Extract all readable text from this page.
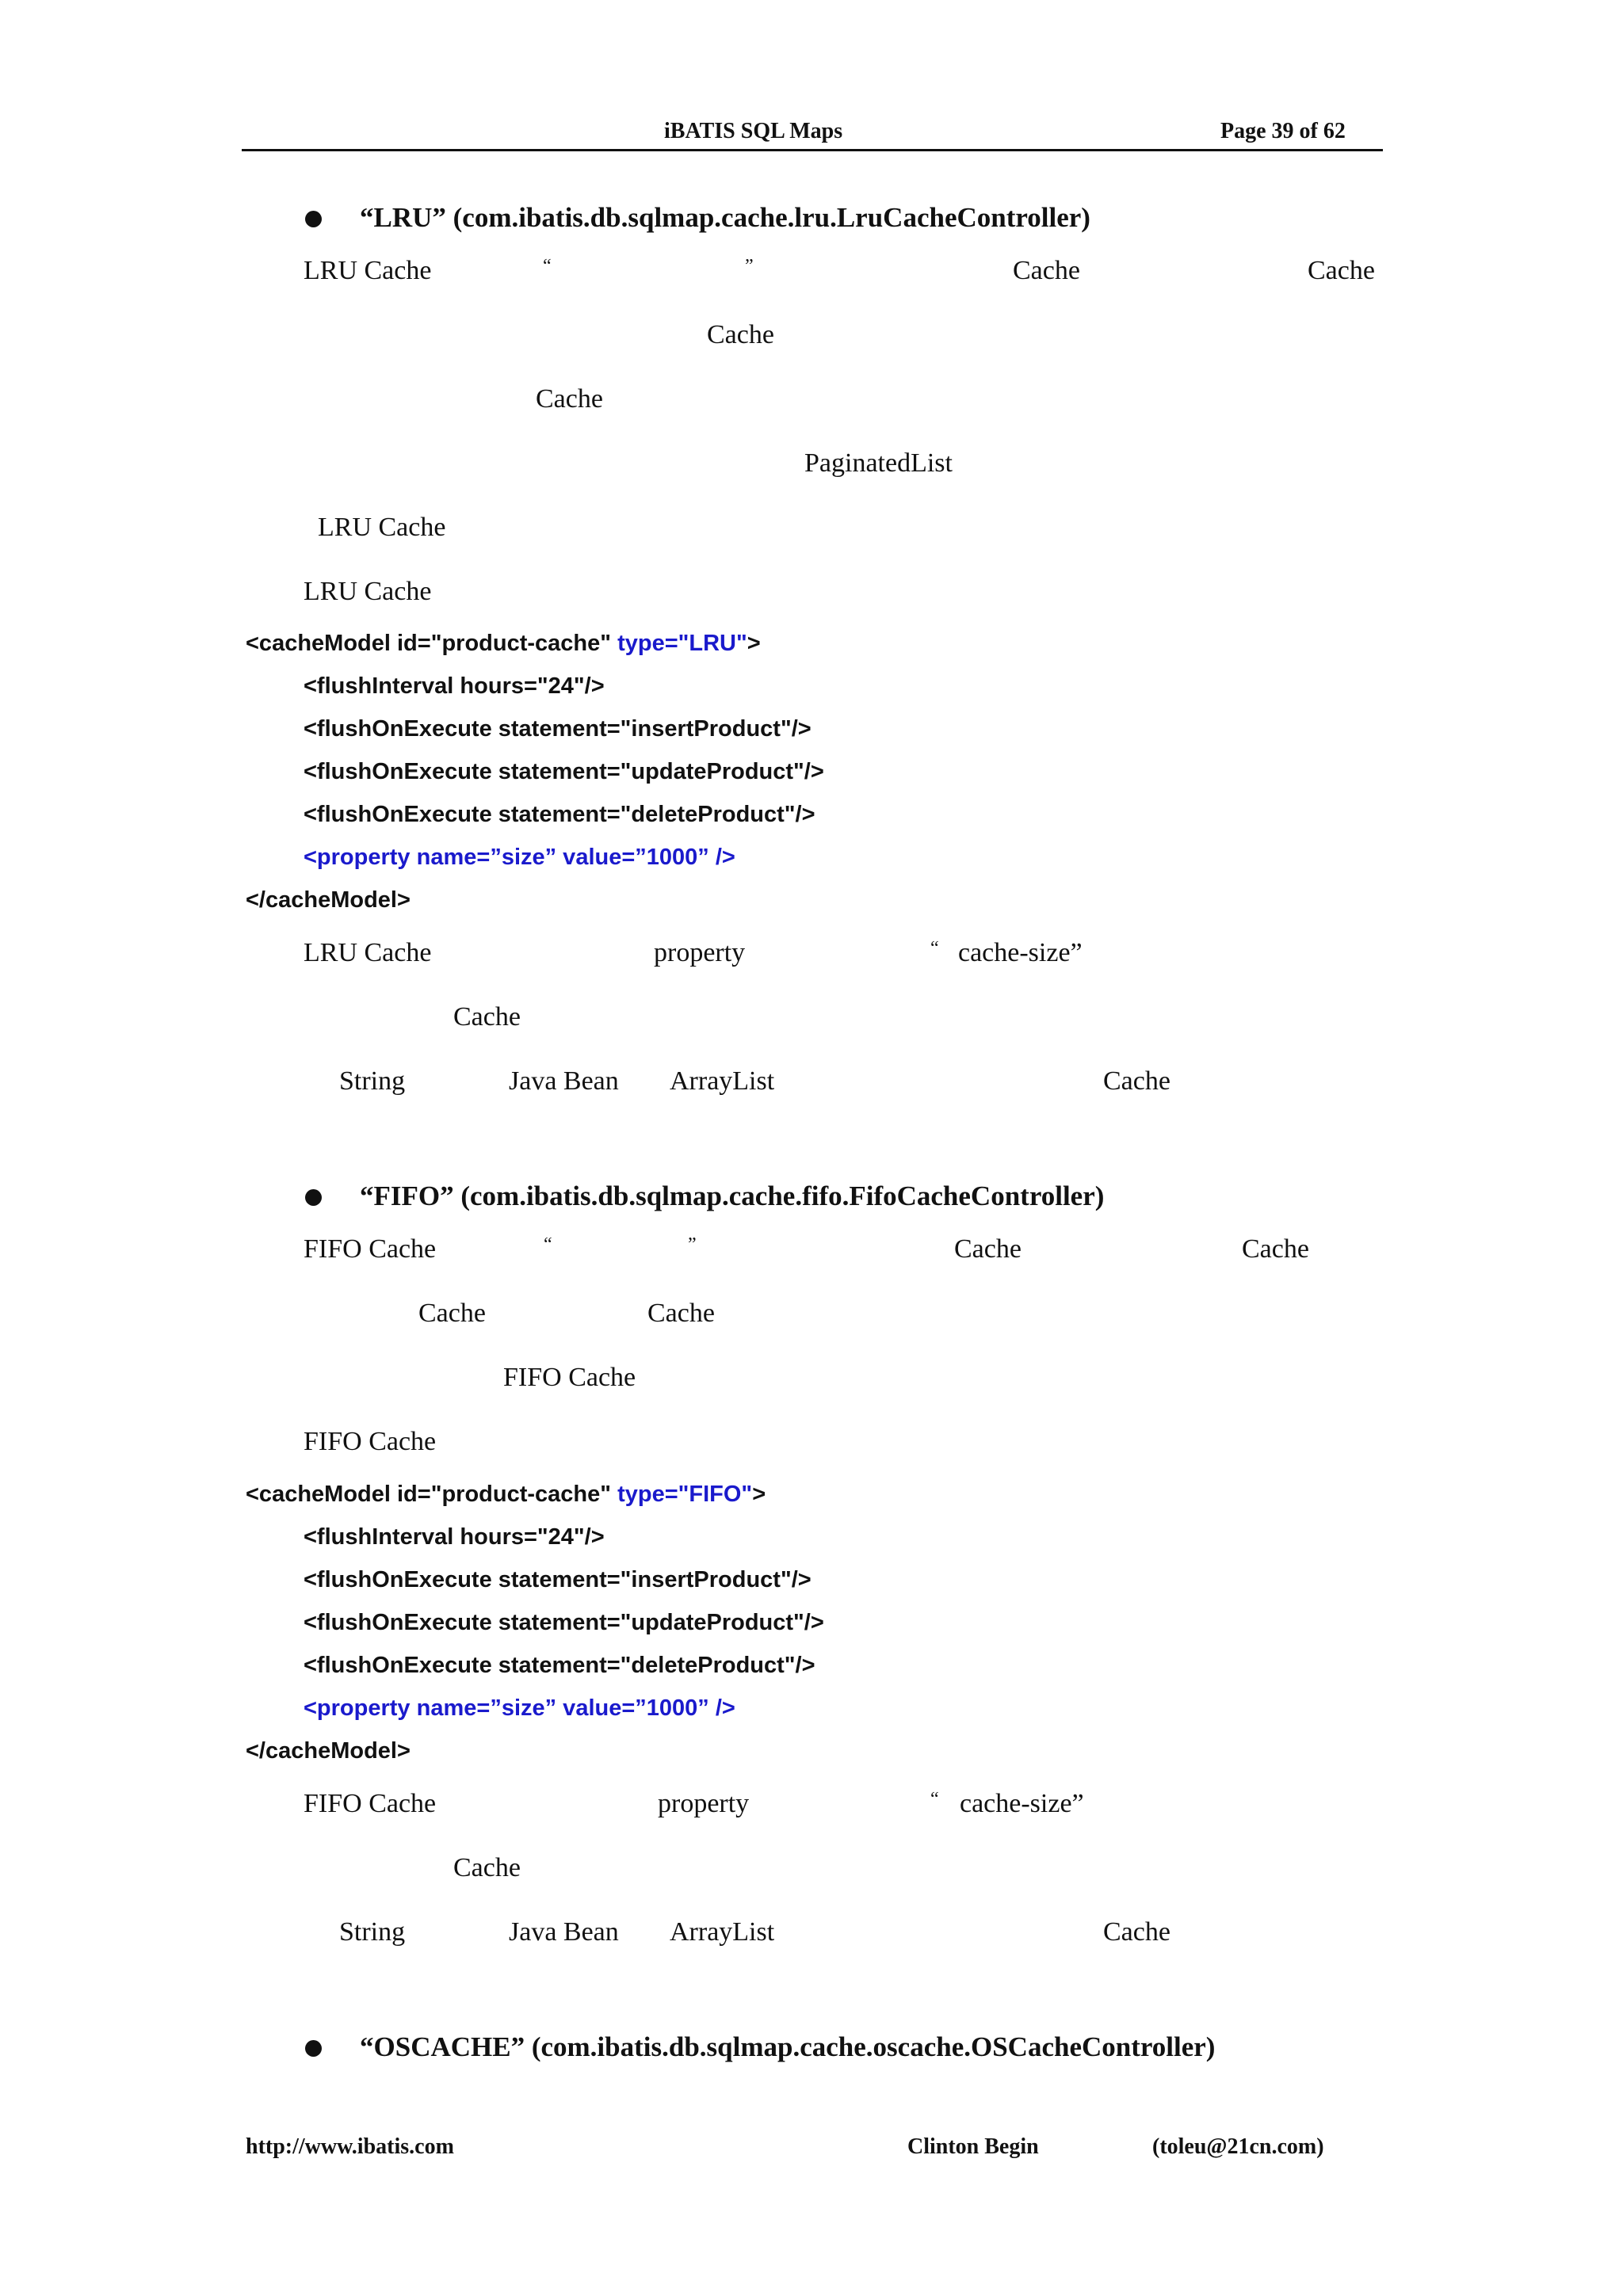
iBATIS SQL Maps	Page 39 of 62
“LRU” (com.ibatis.db.sqlmap.cache.lru.LruCacheController)
LRU Cache	“	”	Cache	Cache
Cache
Cache
PaginatedList
LRU Cache
LRU Cache
<cacheModel id="product-cache" type="LRU">
<flushInterval hours="24"/>
<flushOnExecute statement="insertProduct"/>
<flushOnExecute statement="updateProduct"/>
<flushOnExecute statement="deleteProduct"/>
<property name=”size” value=”1000” />
</cacheModel>
LRU Cache	property	“ cache-size”
Cache
String	Java Bean ArrayList	Cache
“FIFO” (com.ibatis.db.sqlmap.cache.fifo.FifoCacheController)
FIFO Cache	“	”	Cache	Cache
Cache	Cache
FIFO Cache
FIFO Cache
<cacheModel id="product-cache" type="FIFO">
<flushInterval hours="24"/>
<flushOnExecute statement="insertProduct"/>
<flushOnExecute statement="updateProduct"/>
<flushOnExecute statement="deleteProduct"/>
<property name=”size” value=”1000” />
</cacheModel>
FIFO Cache	property	“ cache-size”
Cache
String	Java Bean ArrayList	Cache
“OSCACHE” (com.ibatis.db.sqlmap.cache.oscache.OSCacheController)
http://www.ibatis.com	Clinton Begin	(toleu@21cn.com)
